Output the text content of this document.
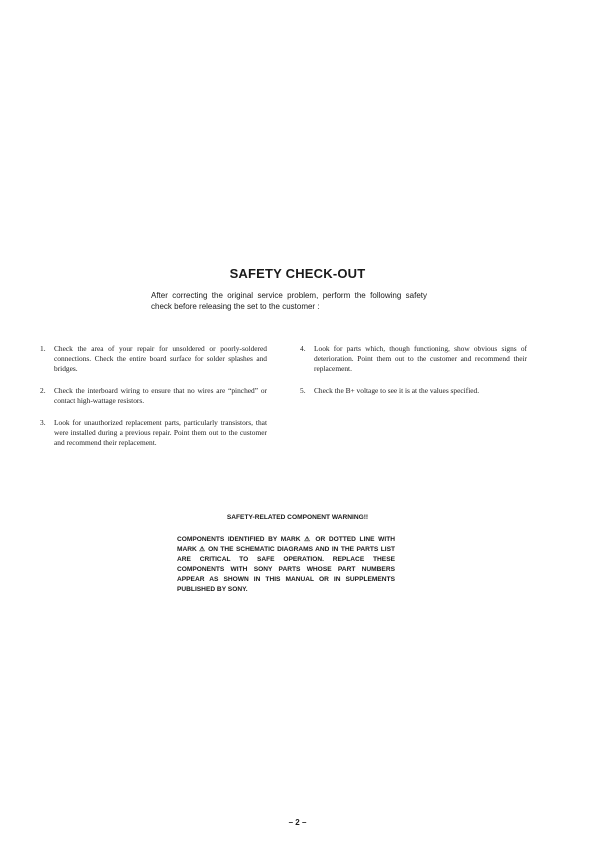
SAFETY CHECK-OUT

After correcting the original service problem, perform the following safety check before releasing the set to the customer :

1.	Check the area of your repair for unsoldered or poorly-soldered connections. Check the entire board surface for solder splashes and bridges.
2.	Check the interboard wiring to ensure that no wires are “pinched” or contact high-wattage resistors.
3.	Look for unauthorized replacement parts, particularly transistors, that were installed during a previous repair. Point them out to the customer and recommend their replacement.
4.	Look for parts which, though functioning, show obvious signs of deterioration. Point them out to the customer and recommend their replacement.
5.	Check the B+ voltage to see it is at the values specified.

SAFETY-RELATED COMPONENT WARNING!!

COMPONENTS IDENTIFIED BY MARK ⚠ OR DOTTED LINE WITH MARK ⚠ ON THE SCHEMATIC DIAGRAMS AND IN THE PARTS LIST ARE CRITICAL TO SAFE OPERATION. REPLACE THESE COMPONENTS WITH SONY PARTS WHOSE PART NUMBERS APPEAR AS SHOWN IN THIS MANUAL OR IN SUPPLEMENTS PUBLISHED BY SONY.

– 2 –
